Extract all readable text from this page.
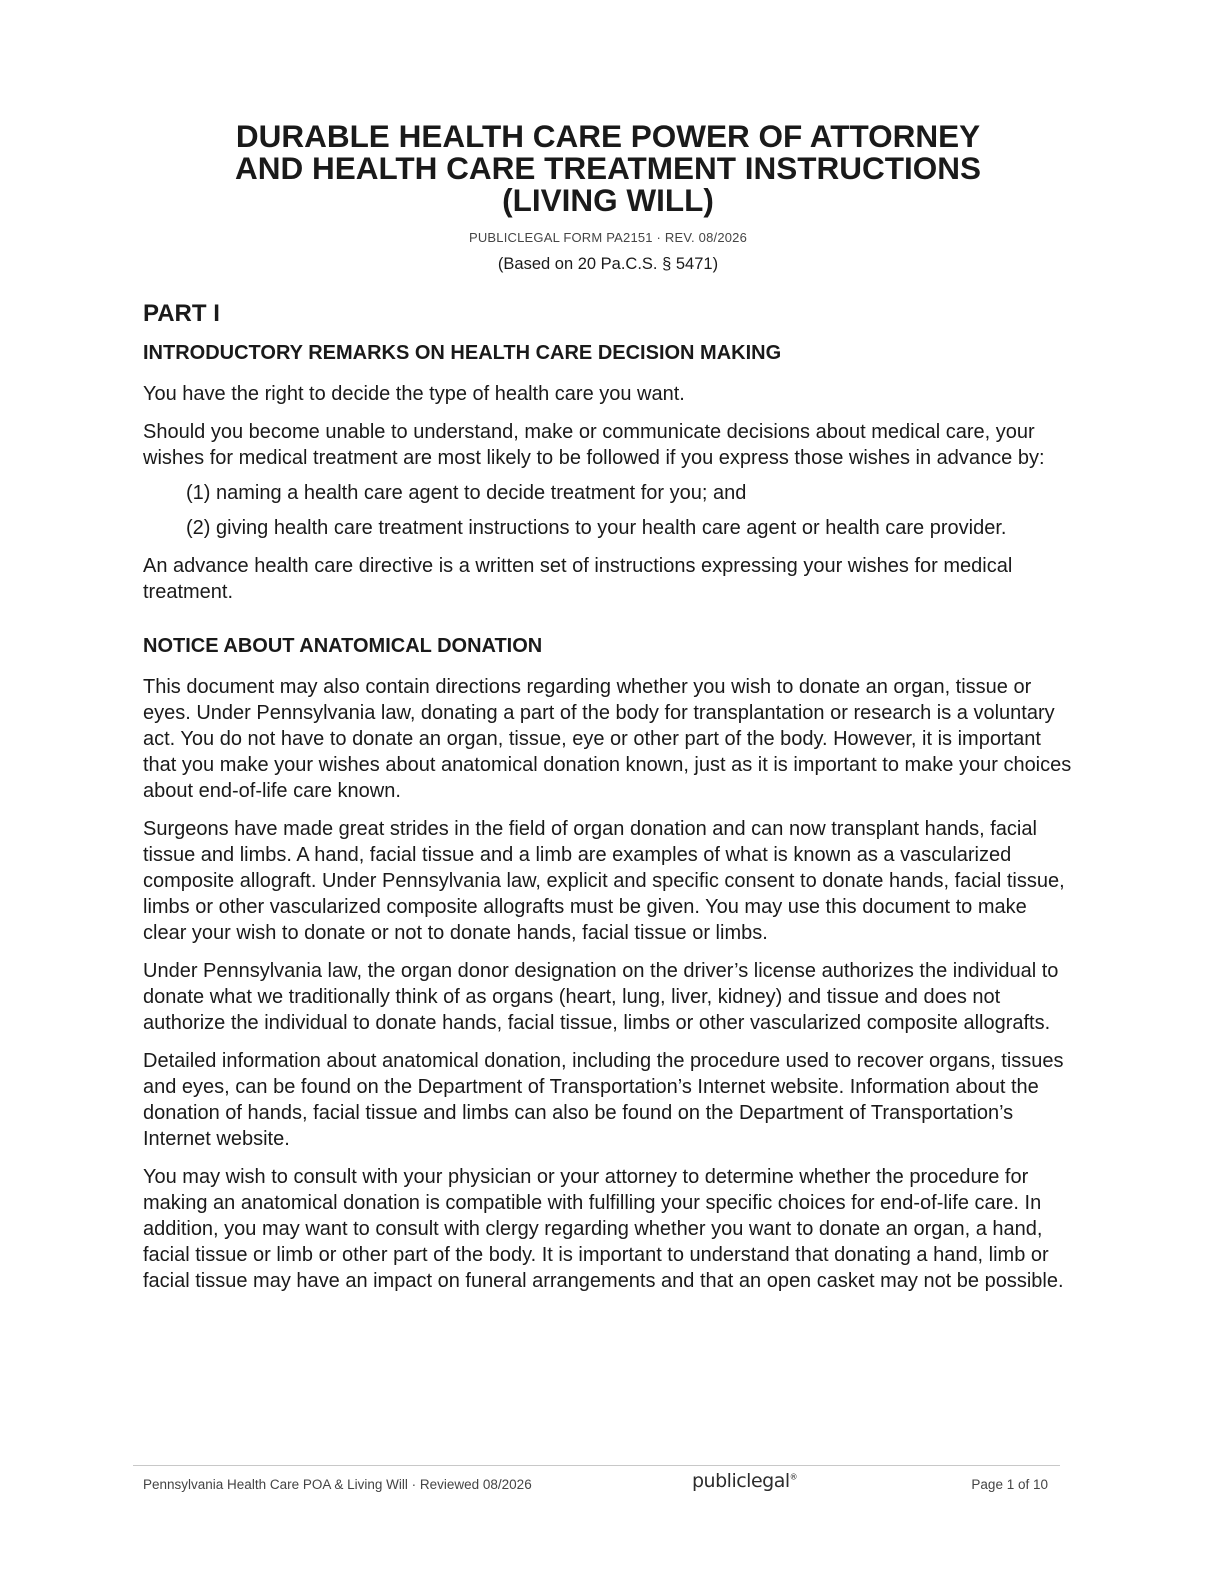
DURABLE HEALTH CARE POWER OF ATTORNEY

AND HEALTH CARE TREATMENT INSTRUCTIONS

(LIVING WILL)

PUBLICLEGAL FORM PA2151 · REV. 08/2026
(Based on 20 Pa.C.S. § 5471)
PART I
INTRODUCTORY REMARKS ON HEALTH CARE DECISION MAKING

You have the right to decide the type of health care you want.

Should you become unable to understand, make or communicate decisions about medical care, your wishes for medical treatment are most likely to be followed if you express those wishes in advance by:

(1) naming a health care agent to decide treatment for you; and

(2) giving health care treatment instructions to your health care agent or health care provider.

An advance health care directive is a written set of instructions expressing your wishes for medical treatment.

NOTICE ABOUT ANATOMICAL DONATION

This document may also contain directions regarding whether you wish to donate an organ, tissue or eyes. Under Pennsylvania law, donating a part of the body for transplantation or research is a voluntary act. You do not have to donate an organ, tissue, eye or other part of the body. However, it is important that you make your wishes about anatomical donation known, just as it is important to make your choices about end-of-life care known.

Surgeons have made great strides in the field of organ donation and can now transplant hands, facial tissue and limbs. A hand, facial tissue and a limb are examples of what is known as a vascularized composite allograft. Under Pennsylvania law, explicit and specific consent to donate hands, facial tissue, limbs or other vascularized composite allografts must be given. You may use this document to make clear your wish to donate or not to donate hands, facial tissue or limbs.

Under Pennsylvania law, the organ donor designation on the driver’s license authorizes the individual to donate what we traditionally think of as organs (heart, lung, liver, kidney) and tissue and does not authorize the individual to donate hands, facial tissue, limbs or other vascularized composite allografts.

Detailed information about anatomical donation, including the procedure used to recover organs, tissues and eyes, can be found on the Department of Transportation’s Internet website. Information about the donation of hands, facial tissue and limbs can also be found on the Department of Transportation’s Internet website.

You may wish to consult with your physician or your attorney to determine whether the procedure for making an anatomical donation is compatible with fulfilling your specific choices for end-of-life care. In addition, you may want to consult with clergy regarding whether you want to donate an organ, a hand, facial tissue or limb or other part of the body. It is important to understand that donating a hand, limb or facial tissue may have an impact on funeral arrangements and that an open casket may not be possible.

Pennsylvania Health Care POA & Living Will · Reviewed 08/2026	publiclegal®	Page 1 of 10
